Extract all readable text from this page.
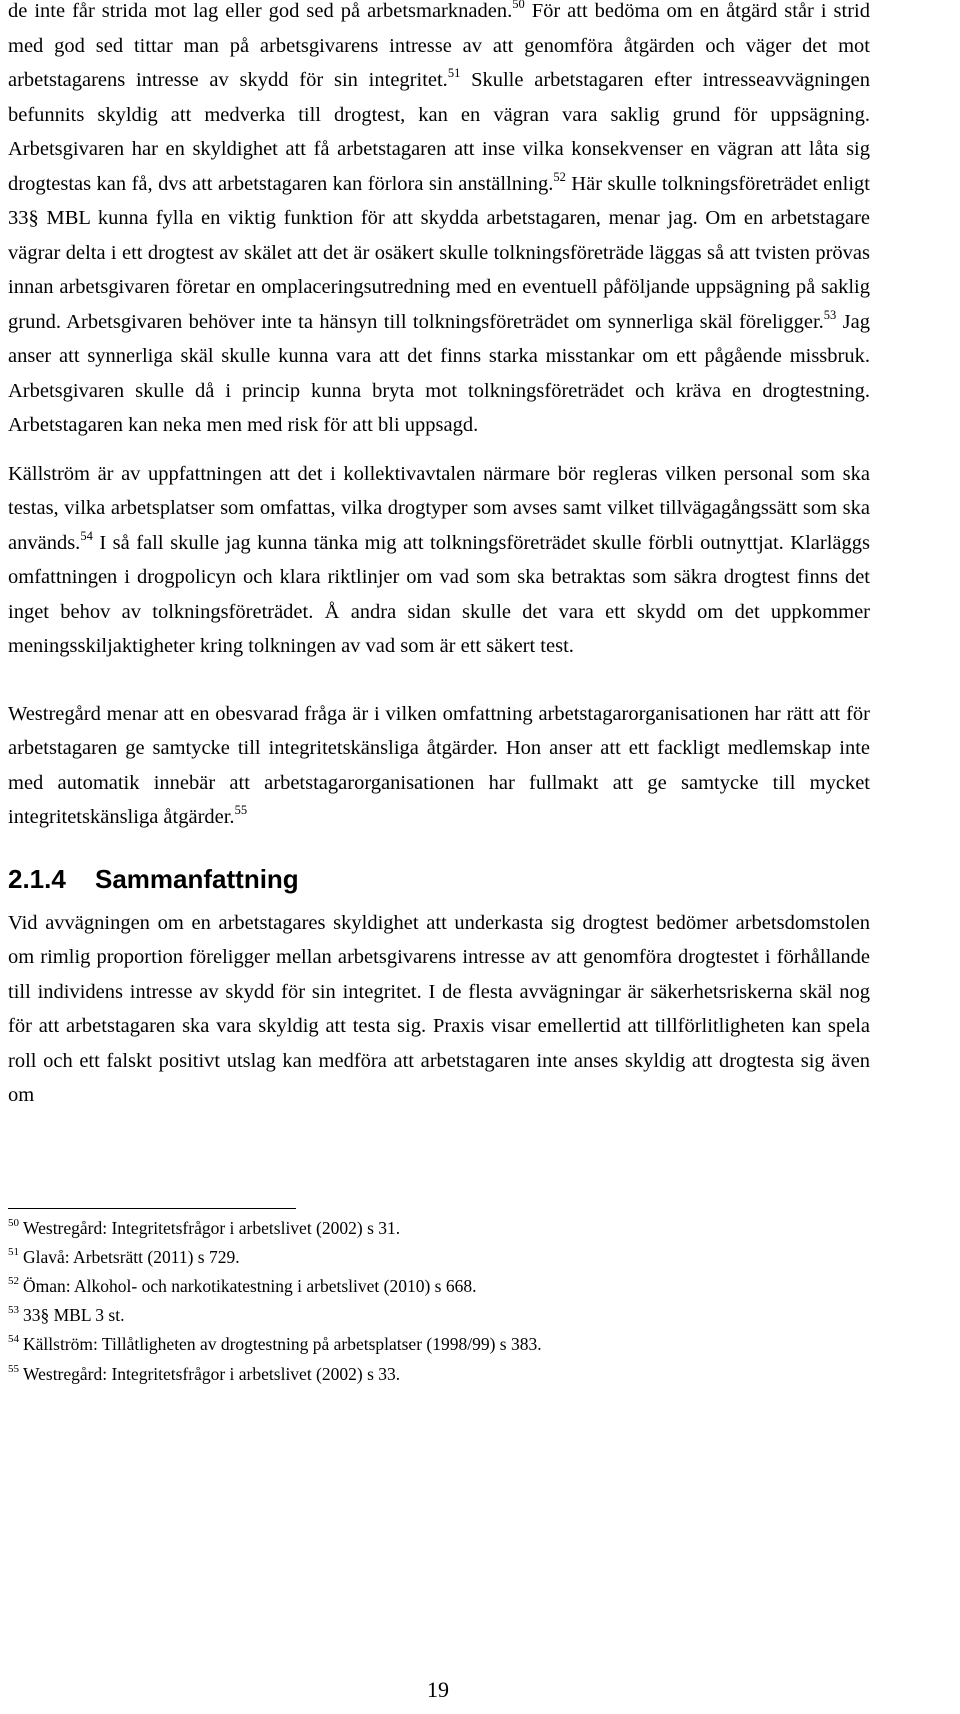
de inte får strida mot lag eller god sed på arbetsmarknaden.$^{50}$ För att bedöma om en åtgärd står i strid med god sed tittar man på arbetsgivarens intresse av att genomföra åtgärden och väger det mot arbetstagarens intresse av skydd för sin integritet.$^{51}$ Skulle arbetstagaren efter intresseavvägningen befunnits skyldig att medverka till drogtest, kan en vägran vara saklig grund för uppsägning. Arbetsgivaren har en skyldighet att få arbetstagaren att inse vilka konsekvenser en vägran att låta sig drogtestas kan få, dvs att arbetstagaren kan förlora sin anställning.$^{52}$ Här skulle tolkningsföreträdet enligt 33§ MBL kunna fylla en viktig funktion för att skydda arbetstagaren, menar jag. Om en arbetstagare vägrar delta i ett drogtest av skälet att det är osäkert skulle tolkningsföreträde läggas så att tvisten prövas innan arbetsgivaren företar en omplaceringsutredning med en eventuell påföljande uppsägning på saklig grund. Arbetsgivaren behöver inte ta hänsyn till tolkningsföreträdet om synnerliga skäl föreligger.$^{53}$ Jag anser att synnerliga skäl skulle kunna vara att det finns starka misstankar om ett pågående missbruk. Arbetsgivaren skulle då i princip kunna bryta mot tolkningsföreträdet och kräva en drogtestning. Arbetstagaren kan neka men med risk för att bli uppsagd.

Källström är av uppfattningen att det i kollektivavtalen närmare bör regleras vilken personal som ska testas, vilka arbetsplatser som omfattas, vilka drogtyper som avses samt vilket tillvägagångssätt som ska används.$^{54}$ I så fall skulle jag kunna tänka mig att tolkningsföreträdet skulle förbli outnyttjat. Klarläggs omfattningen i drogpolicyn och klara riktlinjer om vad som ska betraktas som säkra drogtest finns det inget behov av tolkningsföreträdet. Å andra sidan skulle det vara ett skydd om det uppkommer meningsskiljaktigheter kring tolkningen av vad som är ett säkert test.

Westregård menar att en obesvarad fråga är i vilken omfattning arbetstagarorganisationen har rätt att för arbetstagaren ge samtycke till integritetskänsliga åtgärder. Hon anser att ett fackligt medlemskap inte med automatik innebär att arbetstagarorganisationen har fullmakt att ge samtycke till mycket integritetskänsliga åtgärder.$^{55}$

2.1.4 Sammanfattning

Vid avvägningen om en arbetstagares skyldighet att underkasta sig drogtest bedömer arbetsdomstolen om rimlig proportion föreligger mellan arbetsgivarens intresse av att genomföra drogtestet i förhållande till individens intresse av skydd för sin integritet. I de flesta avvägningar är säkerhetsriskerna skäl nog för att arbetstagaren ska vara skyldig att testa sig. Praxis visar emellertid att tillförlitligheten kan spela roll och ett falskt positivt utslag kan medföra att arbetstagaren inte anses skyldig att drogtesta sig även om

$^{50}$ Westregård: Integritetsfrågor i arbetslivet (2002) s 31.

$^{51}$ Glavå: Arbetsrätt (2011) s 729.

$^{52}$ Öman: Alkohol- och narkotikatestning i arbetslivet (2010) s 668.

$^{53}$ 33§ MBL 3 st.

$^{54}$ Källström: Tillåtligheten av drogtestning på arbetsplatser (1998/99) s 383.

$^{55}$ Westregård: Integritetsfrågor i arbetslivet (2002) s 33.

19
